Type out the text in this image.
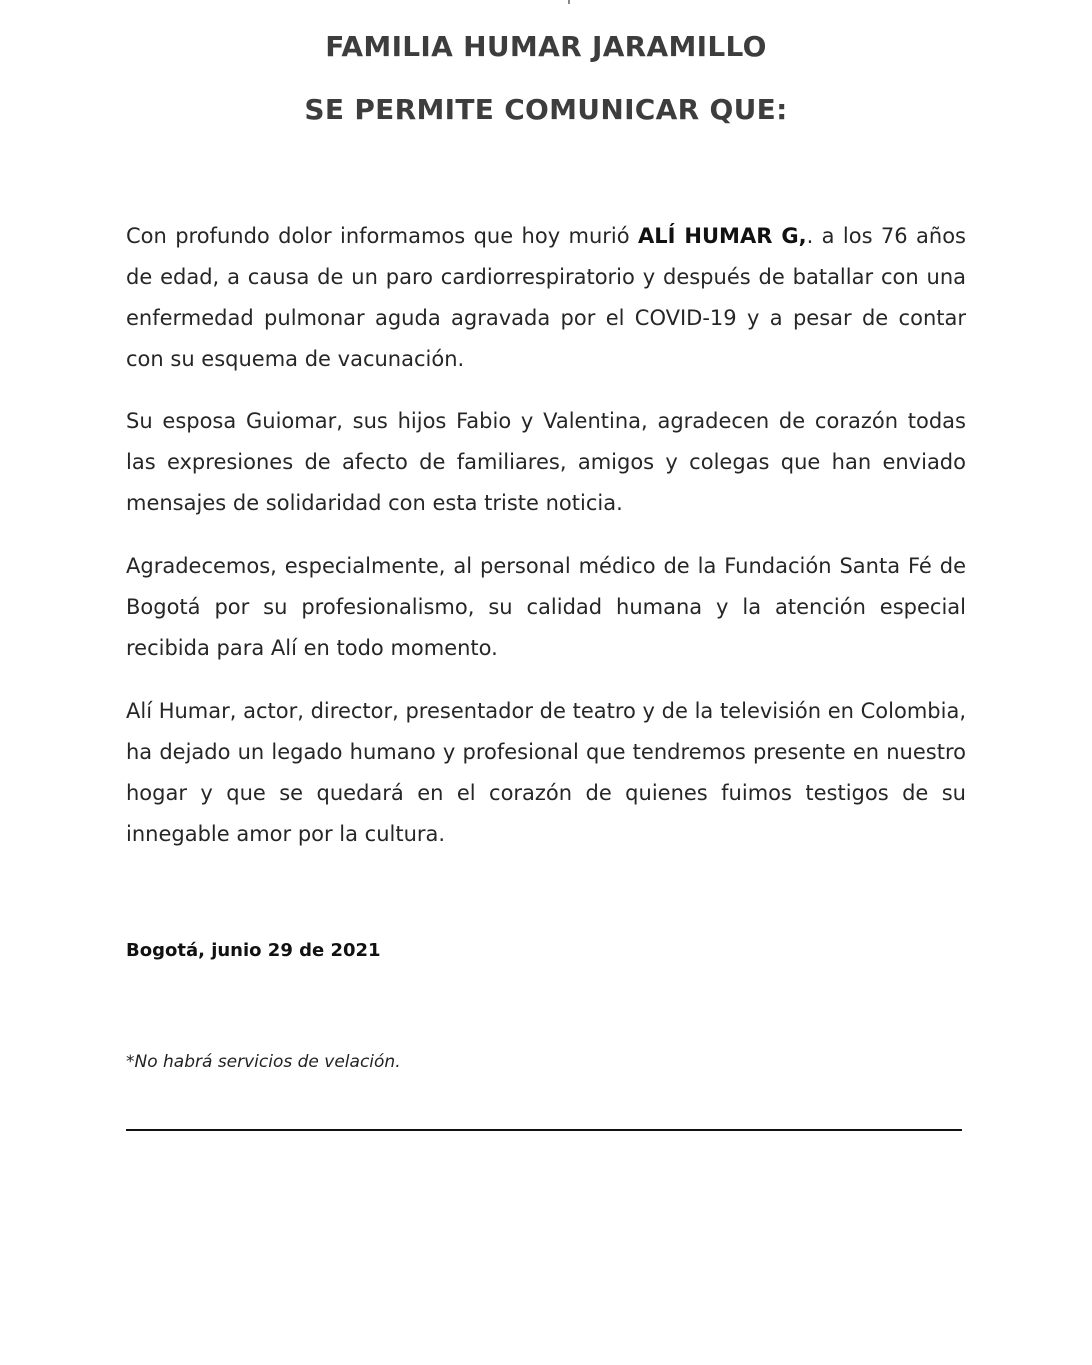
FAMILIA HUMAR JARAMILLO
SE PERMITE COMUNICAR QUE:

Con profundo dolor informamos que hoy murió ALÍ HUMAR G,. a los 76 años de edad, a causa de un paro cardiorrespiratorio y después de batallar con una enfermedad pulmonar aguda agravada por el COVID-19 y a pesar de contar con su esquema de vacunación.

Su esposa Guiomar, sus hijos Fabio y Valentina, agradecen de corazón todas las expresiones de afecto de familiares, amigos y colegas que han enviado mensajes de solidaridad con esta triste noticia.

Agradecemos, especialmente, al personal médico de la Fundación Santa Fé de Bogotá por su profesionalismo, su calidad humana y la atención especial recibida para Alí en todo momento.

Alí Humar, actor, director, presentador de teatro y de la televisión en Colombia, ha dejado un legado humano y profesional que tendremos presente en nuestro hogar y que se quedará en el corazón de quienes fuimos testigos de su innegable amor por la cultura.

Bogotá, junio 29 de 2021

*No habrá servicios de velación.
